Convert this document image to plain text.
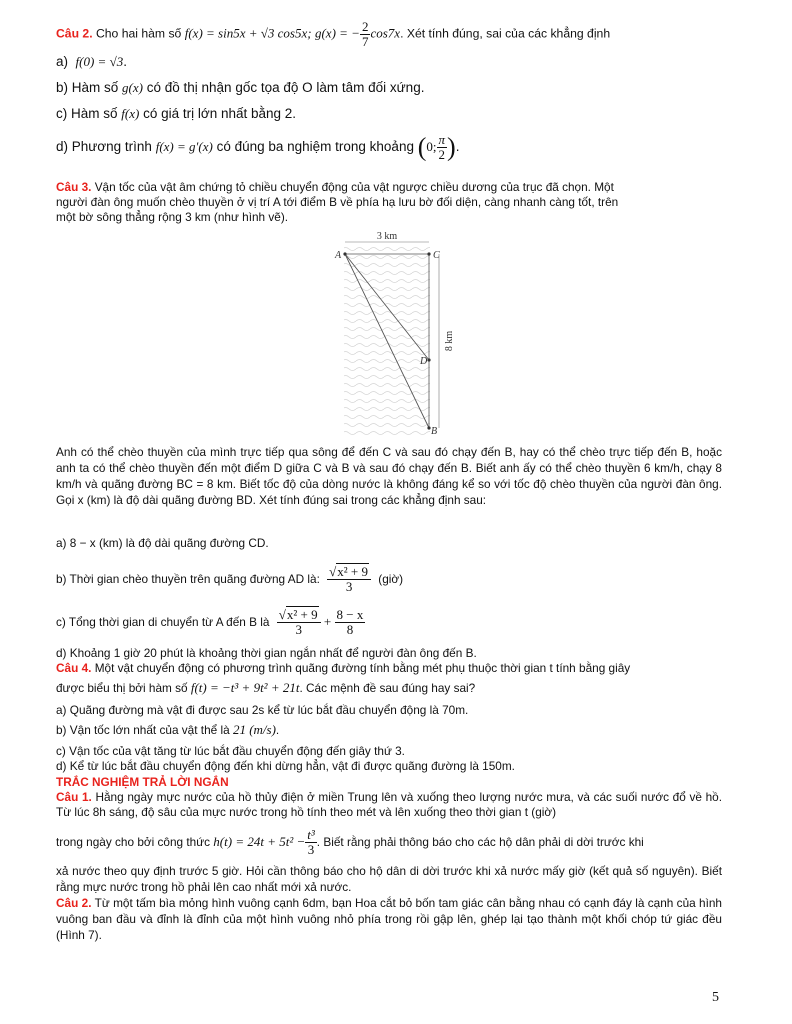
Câu 2. Cho hai hàm số f(x) = sin5x + √3 cos5x; g(x) = − $\frac{2}{7} \cos 7x$. Xét tính đúng, sai của các khẳng định
a) f(0) = √3.
b) Hàm số g(x) có đồ thị nhận gốc tọa độ O làm tâm đối xứng.
c) Hàm số f(x) có giá trị lớn nhất bằng 2.
d) Phương trình f(x) = g′(x) có đúng ba nghiệm trong khoảng (0; $\frac{\pi}{2}$ ).
Câu 3. Vận tốc của vật âm chứng tỏ chiều chuyển động của vật ngược chiều dương của trục đã chọn. Một
người đàn ông muốn chèo thuyền ở vị trí A tới điểm B về phía hạ lưu bờ đối diện, càng nhanh càng tốt, trên
một bờ sông thẳng rộng 3 km (như hình vẽ).
3 km
8 km
A	C
D
B
Anh có thể chèo thuyền của mình trực tiếp qua sông để đến C và sau đó chạy đến B, hay có thể chèo trực tiếp đến B, hoặc anh ta có thể chèo thuyền đến một điểm D giữa C và B và sau đó chạy đến B. Biết anh ấy có thể chèo thuyền 6 km/h, chạy 8 km/h và quãng đường BC = 8 km. Biết tốc độ của dòng nước là không đáng kể so với tốc độ chèo thuyền của người đàn ông. Gọi x (km) là độ dài quãng đường BD. Xét tính đúng sai trong các khẳng định sau:
a) 8 − x (km) là độ dài quãng đường CD.
b) Thời gian chèo thuyền trên quãng đường AD là: $\frac{\text{√x² + 9}}{3}$ (giờ)
c) Tổng thời gian di chuyển từ A đến B là $\frac{\text{√x² + 9}}{3} + \frac{8 - x}{8}$
d) Khoảng 1 giờ 20 phút là khoảng thời gian ngắn nhất để người đàn ông đến B.
Câu 4. Một vật chuyển động có phương trình quãng đường tính bằng mét phụ thuộc thời gian t tính bằng giây
được biểu thị bởi hàm số f(t) = −t³ + 9t² + 21t. Các mệnh đề sau đúng hay sai?
a) Quãng đường mà vật đi được sau 2s kể từ lúc bắt đầu chuyển động là 70m.
b) Vận tốc lớn nhất của vật thể là 21 (m/s).
c) Vận tốc của vật tăng từ lúc bắt đầu chuyển động đến giây thứ 3.
d) Kể từ lúc bắt đầu chuyển động đến khi dừng hẳn, vật đi được quãng đường là 150m.
TRẮC NGHIỆM TRẢ LỜI NGẮN
Câu 1. Hằng ngày mực nước của hồ thủy điện ở miền Trung lên và xuống theo lượng nước mưa, và các suối nước đổ về hồ. Từ lúc 8h sáng, độ sâu của mực nước trong hồ tính theo mét và lên xuống theo thời gian t (giờ)
trong ngày cho bởi công thức $h(t) = 24t + 5t^2 - \frac{\text{t³}}{3}$ . Biết rằng phải thông báo cho các hộ dân phải di dời trước khi
xả nước theo quy định trước 5 giờ. Hỏi cần thông báo cho hộ dân di dời trước khi xả nước mấy giờ (kết quả số nguyên). Biết rằng mực nước trong hồ phải lên cao nhất mới xả nước.
Câu 2. Từ một tấm bìa mỏng hình vuông cạnh 6dm, bạn Hoa cắt bỏ bốn tam giác cân bằng nhau có cạnh đáy là cạnh của hình vuông ban đầu và đỉnh là đỉnh của một hình vuông nhỏ phía trong rồi gập lên, ghép lại tạo thành một khối chóp tứ giác đều (Hình 7).
5
